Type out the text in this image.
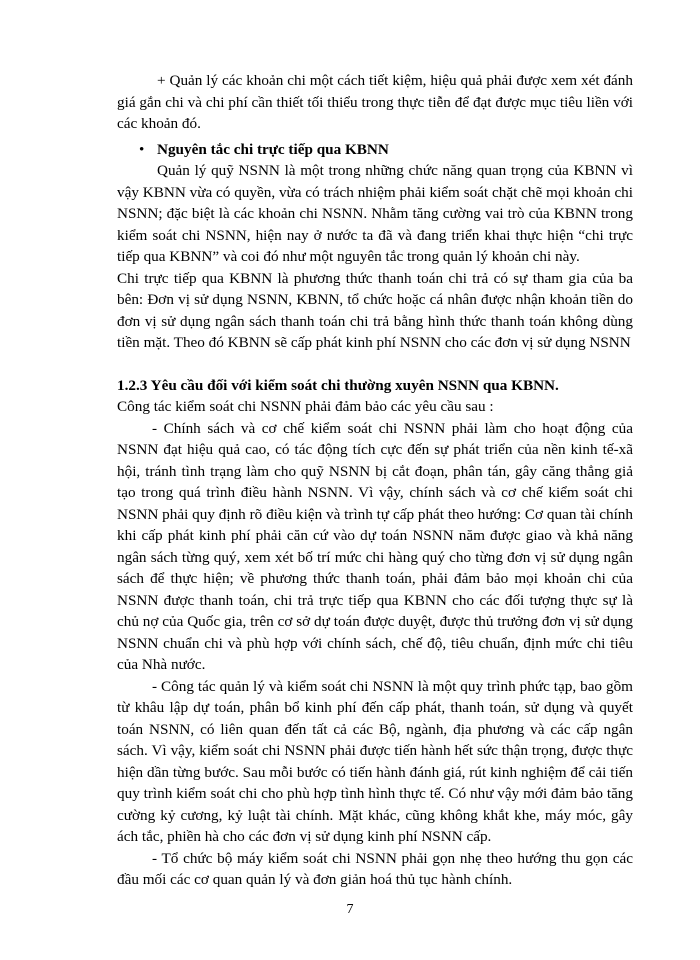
+ Quản lý các khoản chi một cách tiết kiệm, hiệu quả phải được xem xét đánh giá gắn chi và chi phí cần thiết tối thiểu trong thực tiễn để đạt được mục tiêu liền với các khoản đó.

• Nguyên tắc chi trực tiếp qua KBNN

Quản lý quỹ NSNN là một trong những chức năng quan trọng của KBNN vì vậy KBNN vừa có quyền, vừa có trách nhiệm phải kiểm soát chặt chẽ mọi khoản chi NSNN; đặc biệt là các khoản chi NSNN. Nhằm tăng cường vai trò của KBNN trong kiểm soát chi NSNN, hiện nay ở nước ta đã và đang triển khai thực hiện “chi trực tiếp qua KBNN” và coi đó như một nguyên tắc trong quản lý khoản chi này.

Chi trực tiếp qua KBNN là phương thức thanh toán chi trả có sự tham gia của ba bên: Đơn vị sử dụng NSNN, KBNN, tổ chức hoặc cá nhân được nhận khoản tiền do đơn vị sử dụng ngân sách thanh toán chi trả bằng hình thức thanh toán không dùng tiền mặt. Theo đó KBNN sẽ cấp phát kinh phí NSNN cho các đơn vị sử dụng NSNN

1.2.3 Yêu cầu đối với kiểm soát chi thường xuyên NSNN qua KBNN.

Công tác kiểm soát chi NSNN phải đảm bảo các yêu cầu sau :

- Chính sách và cơ chế kiểm soát chi NSNN phải làm cho hoạt động của NSNN đạt hiệu quả cao, có tác động tích cực đến sự phát triển của nền kinh tế-xã hội, tránh tình trạng làm cho quỹ NSNN bị cắt đoạn, phân tán, gây căng thẳng giả tạo trong quá trình điều hành NSNN. Vì vậy, chính sách và cơ chế kiểm soát chi NSNN phải quy định rõ điều kiện và trình tự cấp phát theo hướng: Cơ quan tài chính khi cấp phát kinh phí phải căn cứ vào dự toán NSNN năm được giao và khả năng ngân sách từng quý, xem xét bố trí mức chi hàng quý cho từng đơn vị sử dụng ngân sách để thực hiện; về phương thức thanh toán, phải đảm bảo mọi khoản chi của NSNN được thanh toán, chi trả trực tiếp qua KBNN cho các đối tượng thực sự là chủ nợ của Quốc gia, trên cơ sở dự toán được duyệt, được thủ trưởng đơn vị sử dụng NSNN chuẩn chi và phù hợp với chính sách, chế độ, tiêu chuẩn, định mức chi tiêu của Nhà nước.

- Công tác quản lý và kiểm soát chi NSNN là một quy trình phức tạp, bao gồm từ khâu lập dự toán, phân bổ kinh phí đến cấp phát, thanh toán, sử dụng và quyết toán NSNN, có liên quan đến tất cả các Bộ, ngành, địa phương và các cấp ngân sách. Vì vậy, kiểm soát chi NSNN phải được tiến hành hết sức thận trọng, được thực hiện dần từng bước. Sau mỗi bước có tiến hành đánh giá, rút kinh nghiệm để cải tiến quy trình kiểm soát chi cho phù hợp tình hình thực tế. Có như vậy mới đảm bảo tăng cường kỷ cương, kỷ luật tài chính. Mặt khác, cũng không khắt khe, máy móc, gây ách tắc, phiền hà cho các đơn vị sử dụng kinh phí NSNN cấp.

- Tổ chức bộ máy kiểm soát chi NSNN phải gọn nhẹ theo hướng thu gọn các đầu mối các cơ quan quản lý và đơn giản hoá thủ tục hành chính.

7
